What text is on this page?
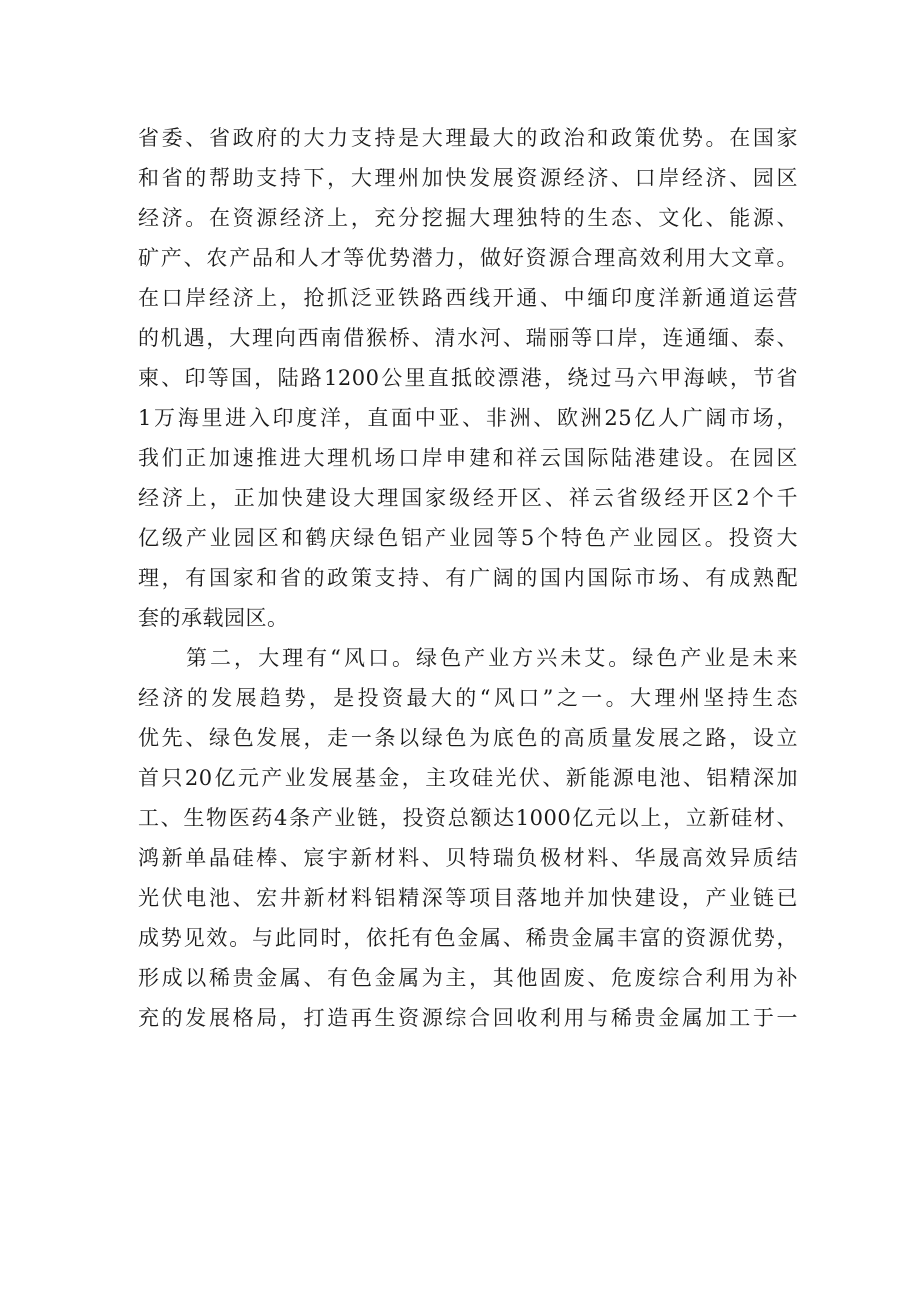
省委、省政府的大力支持是大理最大的政治和政策优势。在国家

和省的帮助支持下，大理州加快发展资源经济、口岸经济、园区

经济。在资源经济上，充分挖掘大理独特的生态、文化、能源、

矿产、农产品和人才等优势潜力，做好资源合理高效利用大文章。

在口岸经济上，抢抓泛亚铁路西线开通、中缅印度洋新通道运营

的机遇，大理向西南借猴桥、清水河、瑞丽等口岸，连通缅、泰、

柬、印等国，陆路1200公里直抵皎漂港，绕过马六甲海峡，节省

1万海里进入印度洋，直面中亚、非洲、欧洲25亿人广阔市场，

我们正加速推进大理机场口岸申建和祥云国际陆港建设。在园区

经济上，正加快建设大理国家级经开区、祥云省级经开区2个千

亿级产业园区和鹤庆绿色铝产业园等5个特色产业园区。投资大

理，有国家和省的政策支持、有广阔的国内国际市场、有成熟配

套的承载园区。

第二，大理有“风口。绿色产业方兴未艾。绿色产业是未来

经济的发展趋势，是投资最大的“风口”之一。大理州坚持生态

优先、绿色发展，走一条以绿色为底色的高质量发展之路，设立

首只20亿元产业发展基金，主攻硅光伏、新能源电池、铝精深加

工、生物医药4条产业链，投资总额达1000亿元以上，立新硅材、

鸿新单晶硅棒、宸宇新材料、贝特瑞负极材料、华晟高效异质结

光伏电池、宏井新材料铝精深等项目落地并加快建设，产业链已

成势见效。与此同时，依托有色金属、稀贵金属丰富的资源优势，

形成以稀贵金属、有色金属为主，其他固废、危废综合利用为补

充的发展格局，打造再生资源综合回收利用与稀贵金属加工于一
